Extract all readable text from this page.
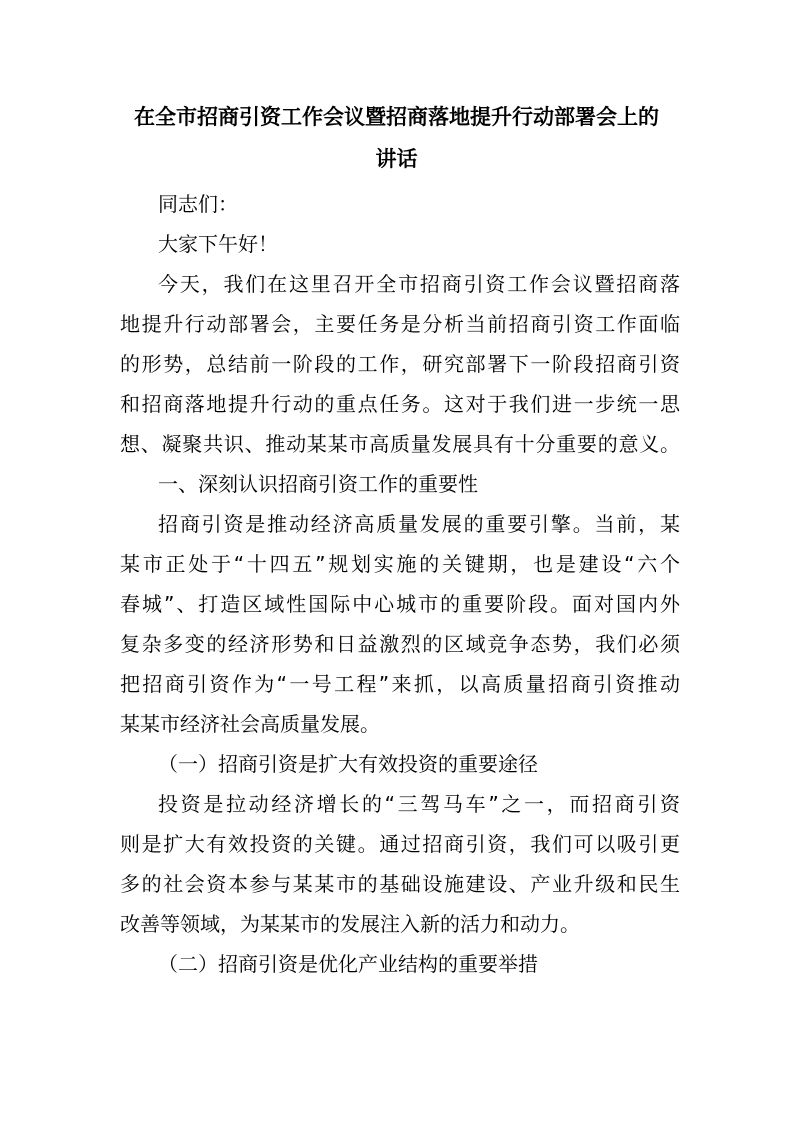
在全市招商引资工作会议暨招商落地提升行动部署会上的
讲话

同志们：

大家下午好！

今天，我们在这里召开全市招商引资工作会议暨招商落

地提升行动部署会，主要任务是分析当前招商引资工作面临

的形势，总结前一阶段的工作，研究部署下一阶段招商引资

和招商落地提升行动的重点任务。这对于我们进一步统一思

想、凝聚共识、推动某某市高质量发展具有十分重要的意义。

一、深刻认识招商引资工作的重要性

招商引资是推动经济高质量发展的重要引擎。当前，某

某市正处于“十四五”规划实施的关键期，也是建设“六个

春城”、打造区域性国际中心城市的重要阶段。面对国内外

复杂多变的经济形势和日益激烈的区域竞争态势，我们必须

把招商引资作为“一号工程”来抓，以高质量招商引资推动

某某市经济社会高质量发展。

（一）招商引资是扩大有效投资的重要途径

投资是拉动经济增长的“三驾马车”之一，而招商引资

则是扩大有效投资的关键。通过招商引资，我们可以吸引更

多的社会资本参与某某市的基础设施建设、产业升级和民生

改善等领域，为某某市的发展注入新的活力和动力。

（二）招商引资是优化产业结构的重要举措
